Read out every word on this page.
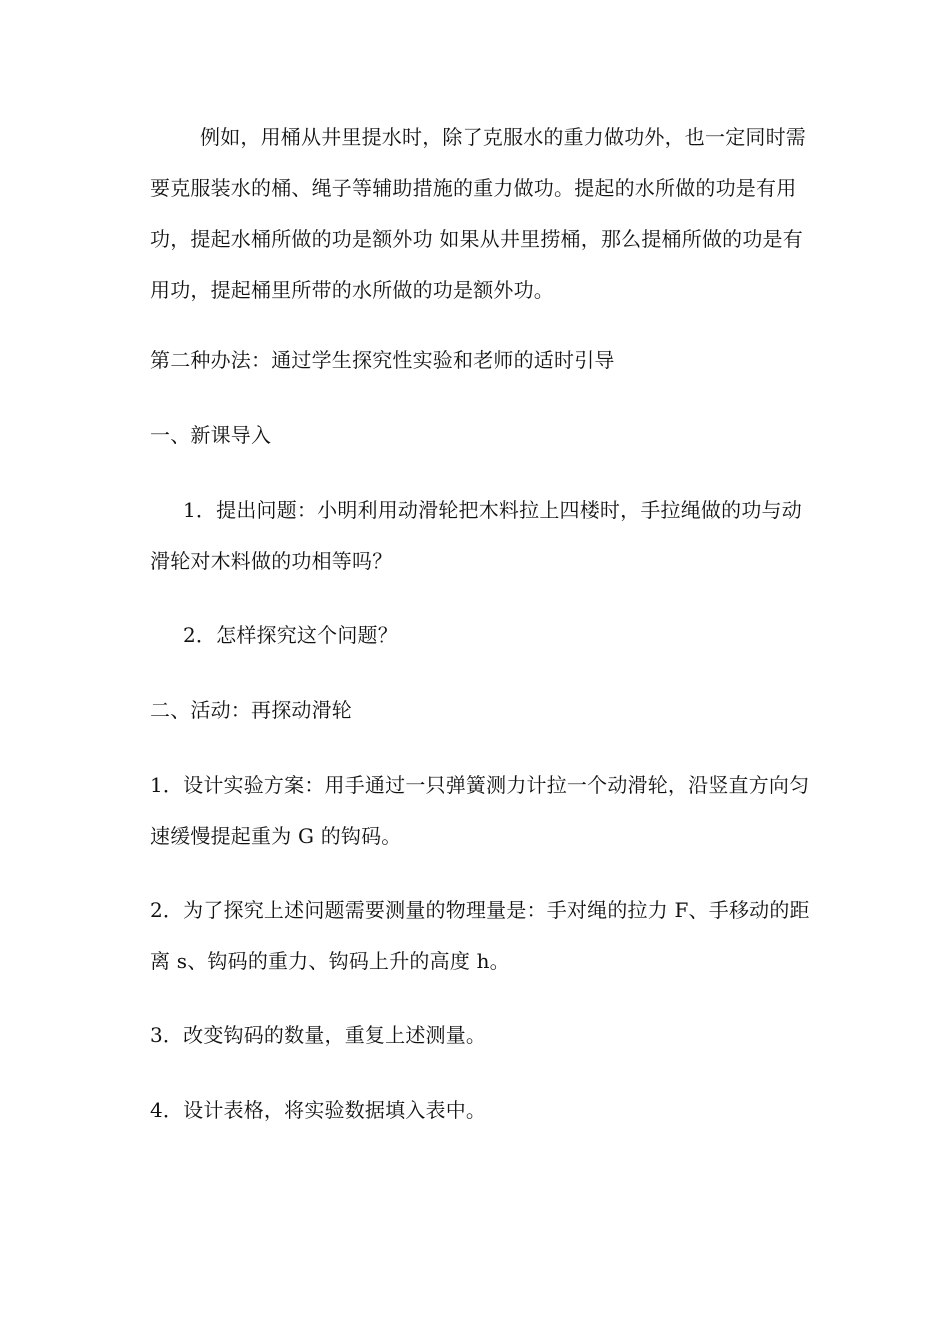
例如，用桶从井里提水时，除了克服水的重力做功外，也一定同时需要克服装水的桶、绳子等辅助措施的重力做功。提起的水所做的功是有用功，提起水桶所做的功是额外功 如果从井里捞桶，那么提桶所做的功是有用功，提起桶里所带的水所做的功是额外功。
第二种办法：通过学生探究性实验和老师的适时引导
一、新课导入
1．提出问题：小明利用动滑轮把木料拉上四楼时，手拉绳做的功与动滑轮对木料做的功相等吗？
2．怎样探究这个问题？
二、活动：再探动滑轮
1．设计实验方案：用手通过一只弹簧测力计拉一个动滑轮，沿竖直方向匀速缓慢提起重为 G 的钩码。
2．为了探究上述问题需要测量的物理量是：手对绳的拉力 F、手移动的距离 s、钩码的重力、钩码上升的高度 h。
3．改变钩码的数量，重复上述测量。
4．设计表格，将实验数据填入表中。
